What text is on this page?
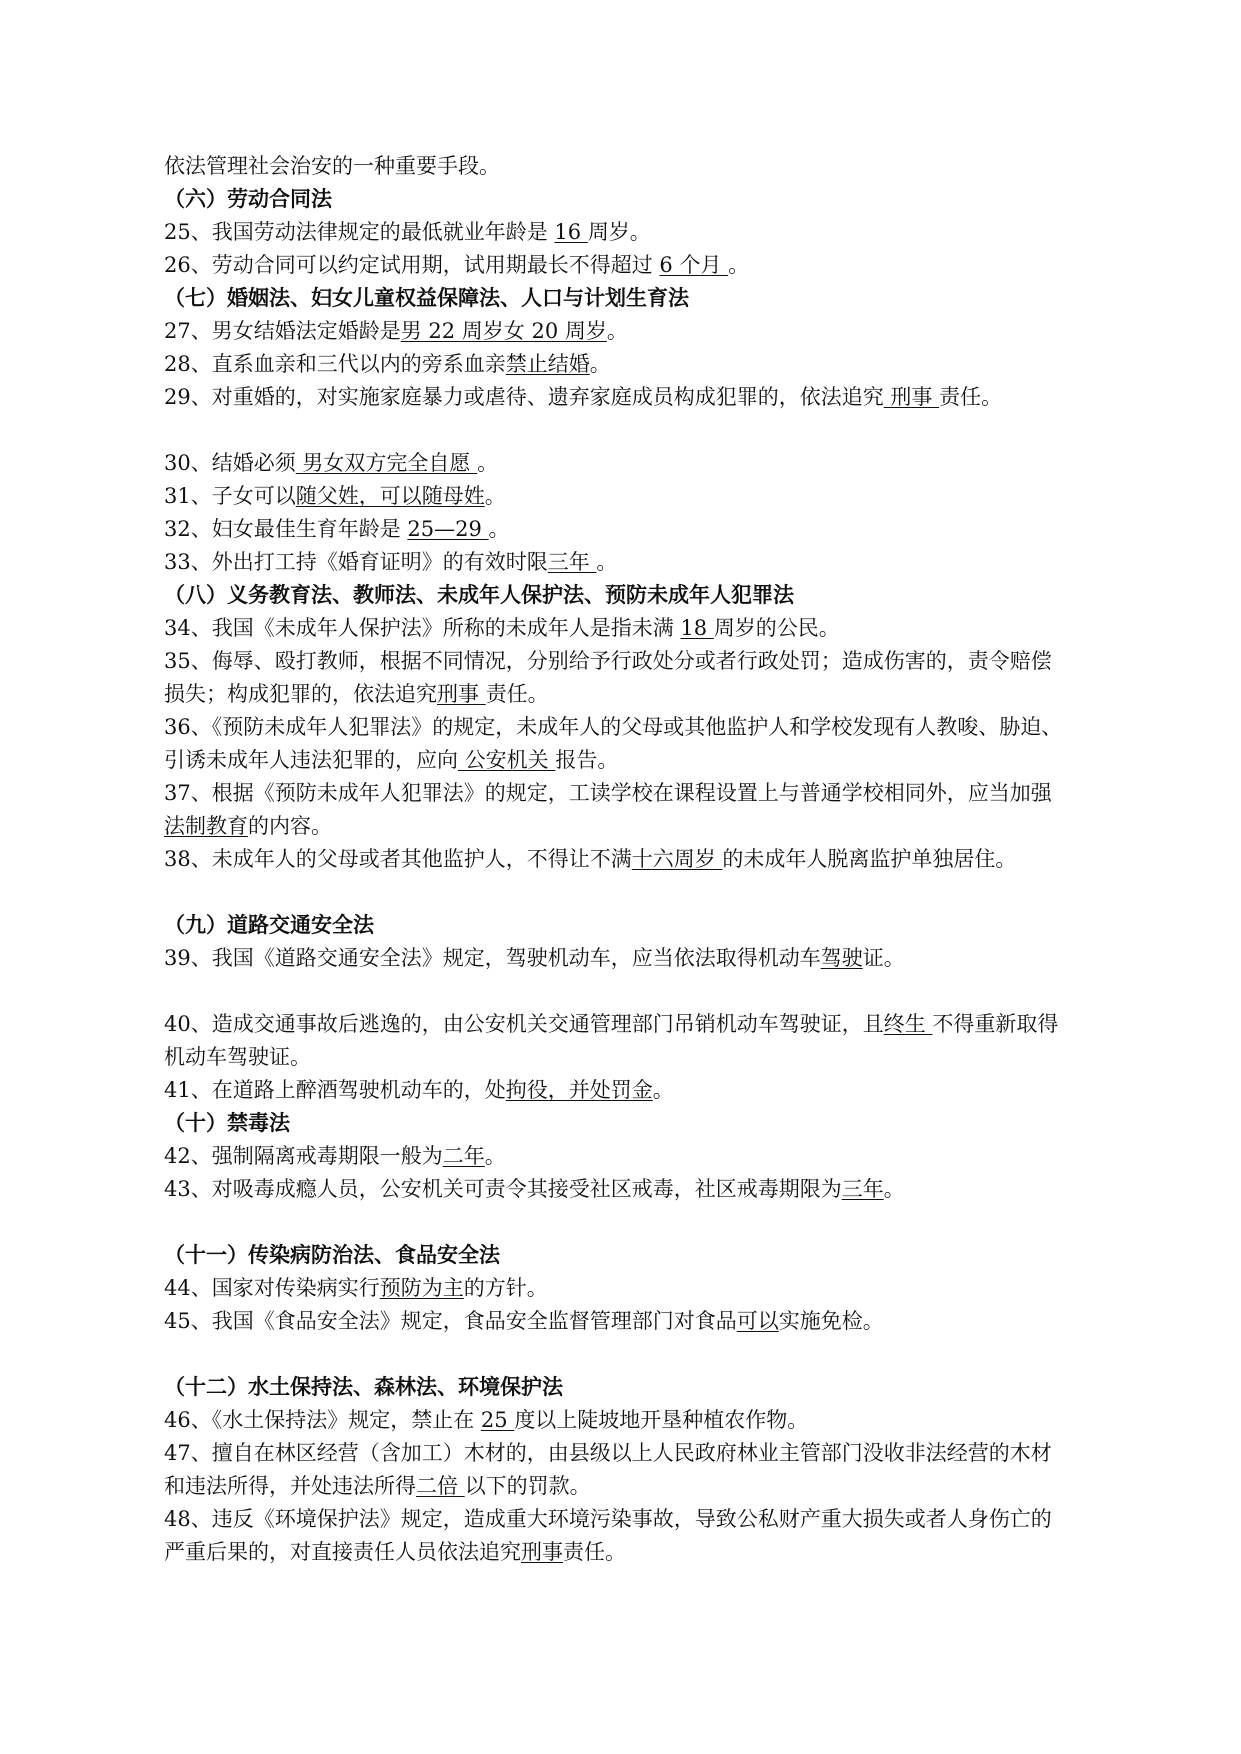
依法管理社会治安的一种重要手段。
（六）劳动合同法
25、我国劳动法律规定的最低就业年龄是 16 周岁。
26、劳动合同可以约定试用期，试用期最长不得超过 6 个月 。
（七）婚姻法、妇女儿童权益保障法、人口与计划生育法
27、男女结婚法定婚龄是男 22 周岁女 20 周岁。
28、直系血亲和三代以内的旁系血亲禁止结婚。
29、对重婚的，对实施家庭暴力或虐待、遗弃家庭成员构成犯罪的，依法追究 刑事 责任。
30、结婚必须 男女双方完全自愿 。
31、子女可以随父姓，可以随母姓。
32、妇女最佳生育年龄是 25—29 。
33、外出打工持《婚育证明》的有效时限三年 。
（八）义务教育法、教师法、未成年人保护法、预防未成年人犯罪法
34、我国《未成年人保护法》所称的未成年人是指未满 18 周岁的公民。
35、侮辱、殴打教师，根据不同情况，分别给予行政处分或者行政处罚；造成伤害的，责令赔偿
损失；构成犯罪的，依法追究刑事 责任。
36、《预防未成年人犯罪法》的规定，未成年人的父母或其他监护人和学校发现有人教唆、胁迫、
引诱未成年人违法犯罪的，应向 公安机关 报告。
37、根据《预防未成年人犯罪法》的规定，工读学校在课程设置上与普通学校相同外，应当加强
法制教育的内容。
38、未成年人的父母或者其他监护人，不得让不满十六周岁 的未成年人脱离监护单独居住。
（九）道路交通安全法
39、我国《道路交通安全法》规定，驾驶机动车，应当依法取得机动车驾驶证。
40、造成交通事故后逃逸的，由公安机关交通管理部门吊销机动车驾驶证，且终生 不得重新取得
机动车驾驶证。
41、在道路上醉酒驾驶机动车的，处拘役，并处罚金。
（十）禁毒法
42、强制隔离戒毒期限一般为二年。
43、对吸毒成瘾人员，公安机关可责令其接受社区戒毒，社区戒毒期限为三年。
（十一）传染病防治法、食品安全法
44、国家对传染病实行预防为主的方针。
45、我国《食品安全法》规定，食品安全监督管理部门对食品可以实施免检。
（十二）水土保持法、森林法、环境保护法
46、《水土保持法》规定，禁止在 25 度以上陡坡地开垦种植农作物。
47、擅自在林区经营（含加工）木材的，由县级以上人民政府林业主管部门没收非法经营的木材
和违法所得，并处违法所得二倍 以下的罚款。
48、违反《环境保护法》规定，造成重大环境污染事故，导致公私财产重大损失或者人身伤亡的
严重后果的，对直接责任人员依法追究刑事责任。
